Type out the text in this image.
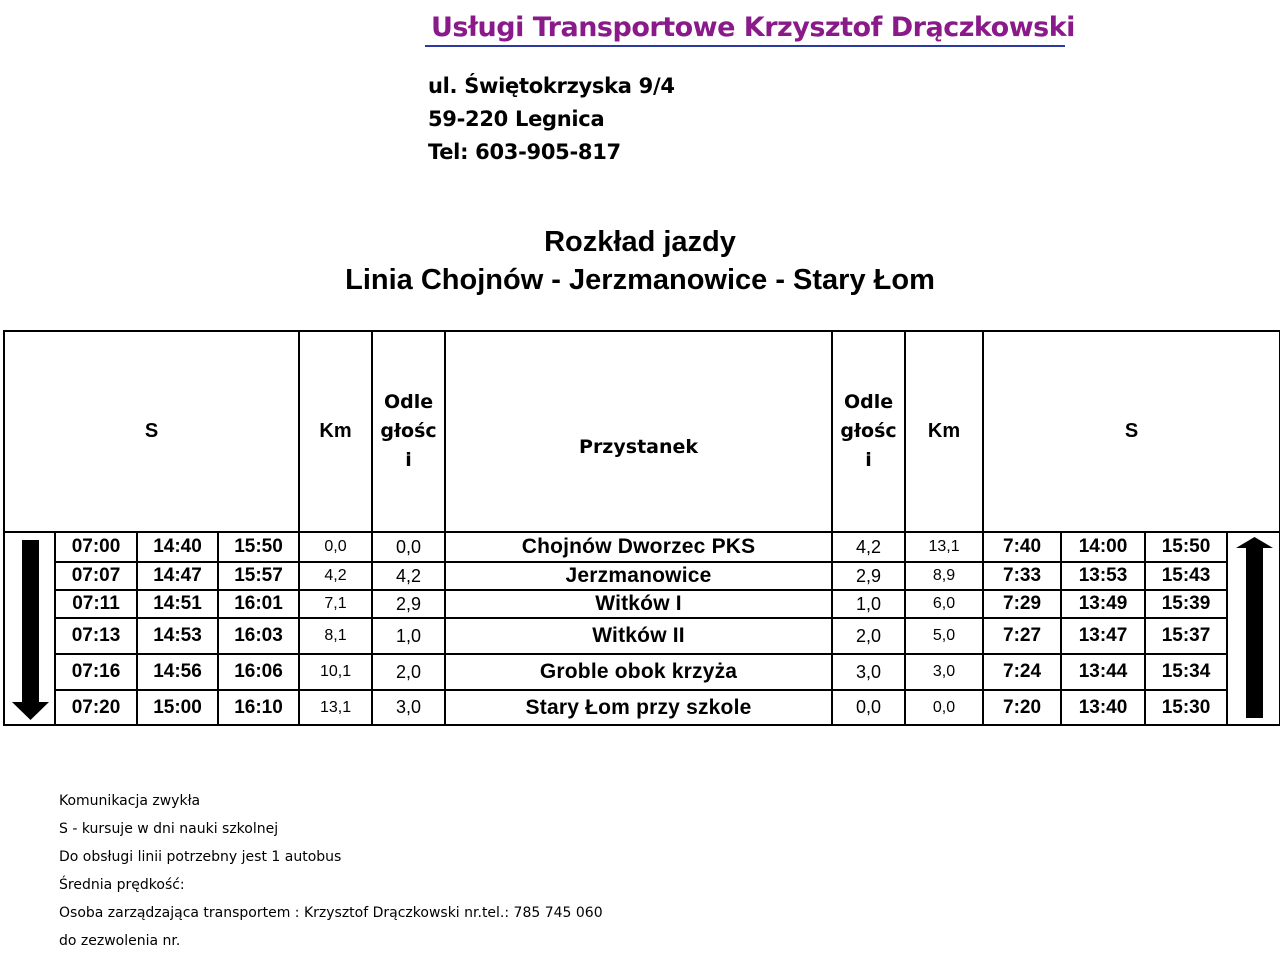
Usługi Transportowe Krzysztof Drączkowski
ul. Świętokrzyska 9/4
59-220 Legnica
Tel: 603-905-817
Rozkład jazdy
Linia Chojnów - Jerzmanowice - Stary Łom
S				Km	Odległości	Przystanek	Odległości	Km	S			

	07:00	14:40	15:50	0,0	0,0	Chojnów Dworzec PKS	4,2	13,1	7:40	14:00	15:50	

	07:07	14:47	15:57	4,2	4,2	Jerzmanowice	2,9	8,9	7:33	13:53	15:43	
	07:11	14:51	16:01	7,1	2,9	Witków I	1,0	6,0	7:29	13:49	15:39	
	07:13	14:53	16:03	8,1	1,0	Witków II	2,0	5,0	7:27	13:47	15:37	
	07:16	14:56	16:06	10,1	2,0	Groble obok krzyża	3,0	3,0	7:24	13:44	15:34	
	07:20	15:00	16:10	13,1	3,0	Stary Łom przy szkole	0,0	0,0	7:20	13:40	15:30	
Komunikacja zwykła
S - kursuje w dni nauki szkolnej
Do obsługi linii potrzebny jest 1 autobus
Średnia prędkość:
Osoba zarządzająca transportem : Krzysztof Drączkowski nr.tel.: 785 745 060
do zezwolenia nr.
